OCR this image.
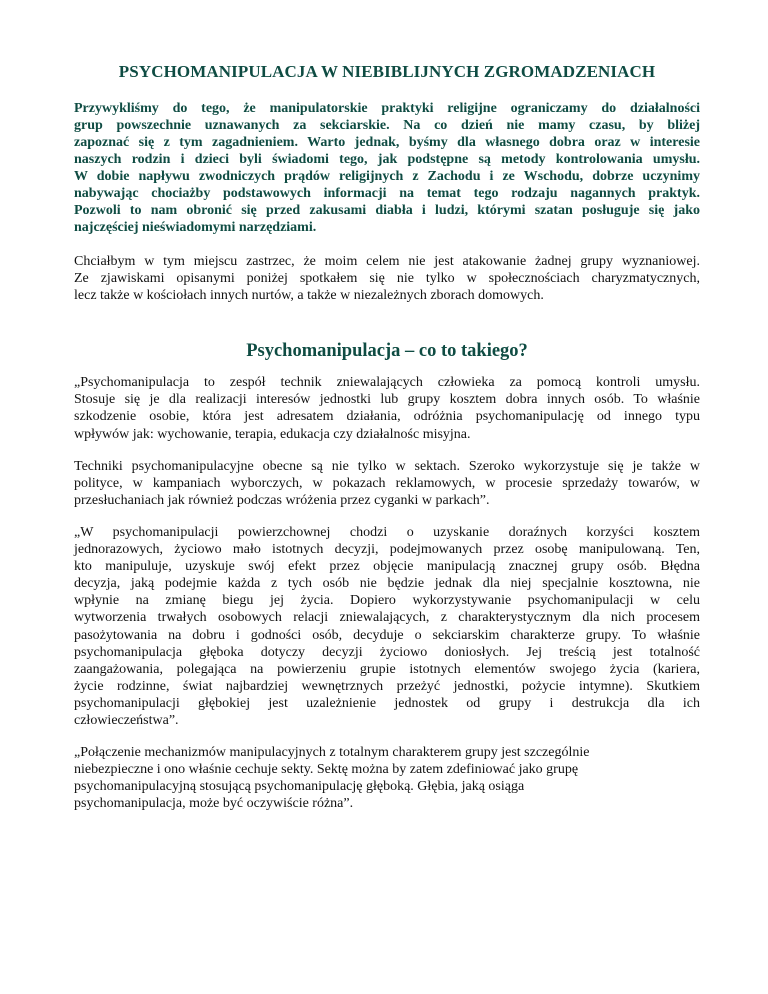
PSYCHOMANIPULACJA W NIEBIBLIJNYCH ZGROMADZENIACH

Przywykliśmy do tego, że manipulatorskie praktyki religijne ograniczamy do działalności
grup powszechnie uznawanych za sekciarskie. Na co dzień nie mamy czasu, by bliżej
zapoznać się z tym zagadnieniem. Warto jednak, byśmy dla własnego dobra oraz w interesie
naszych rodzin i dzieci byli świadomi tego, jak podstępne są metody kontrolowania umysłu.
W dobie napływu zwodniczych prądów religijnych z Zachodu i ze Wschodu, dobrze uczynimy
nabywając chociażby podstawowych informacji na temat tego rodzaju nagannych praktyk.
Pozwoli to nam obronić się przed zakusami diabła i ludzi, którymi szatan posługuje się jako
najczęściej nieświadomymi narzędziami.

Chciałbym w tym miejscu zastrzec, że moim celem nie jest atakowanie żadnej grupy wyznaniowej.
Ze zjawiskami opisanymi poniżej spotkałem się nie tylko w społecznościach charyzmatycznych,
lecz także w kościołach innych nurtów, a także w niezależnych zborach domowych.

Psychomanipulacja – co to takiego?

„Psychomanipulacja to zespół technik zniewalających człowieka za pomocą kontroli umysłu.
Stosuje się je dla realizacji interesów jednostki lub grupy kosztem dobra innych osób. To właśnie
szkodzenie osobie, która jest adresatem działania, odróżnia psychomanipulację od innego typu
wpływów jak: wychowanie, terapia, edukacja czy działalnośc misyjna.

Techniki psychomanipulacyjne obecne są nie tylko w sektach. Szeroko wykorzystuje się je także w
polityce, w kampaniach wyborczych, w pokazach reklamowych, w procesie sprzedaży towarów, w
przesłuchaniach jak również podczas wróżenia przez cyganki w parkach”.

„W psychomanipulacji powierzchownej chodzi o uzyskanie doraźnych korzyści kosztem
jednorazowych, życiowo mało istotnych decyzji, podejmowanych przez osobę manipulowaną. Ten,
kto manipuluje, uzyskuje swój efekt przez objęcie manipulacją znacznej grupy osób. Błędna
decyzja, jaką podejmie każda z tych osób nie będzie jednak dla niej specjalnie kosztowna, nie
wpłynie na zmianę biegu jej życia. Dopiero wykorzystywanie psychomanipulacji w celu
wytworzenia trwałych osobowych relacji zniewalających, z charakterystycznym dla nich procesem
pasożytowania na dobru i godności osób, decyduje o sekciarskim charakterze grupy. To właśnie
psychomanipulacja głęboka dotyczy decyzji życiowo doniosłych. Jej treścią jest totalność
zaangażowania, polegająca na powierzeniu grupie istotnych elementów swojego życia (kariera,
życie rodzinne, świat najbardziej wewnętrznych przeżyć jednostki, pożycie intymne). Skutkiem
psychomanipulacji głębokiej jest uzależnienie jednostek od grupy i destrukcja dla ich
człowieczeństwa”.

„Połączenie mechanizmów manipulacyjnych z totalnym charakterem grupy jest szczególnie
niebezpieczne i ono właśnie cechuje sekty. Sektę można by zatem zdefiniować jako grupę
psychomanipulacyjną stosującą psychomanipulację głęboką. Głębia, jaką osiąga
psychomanipulacja, może być oczywiście różna”.
